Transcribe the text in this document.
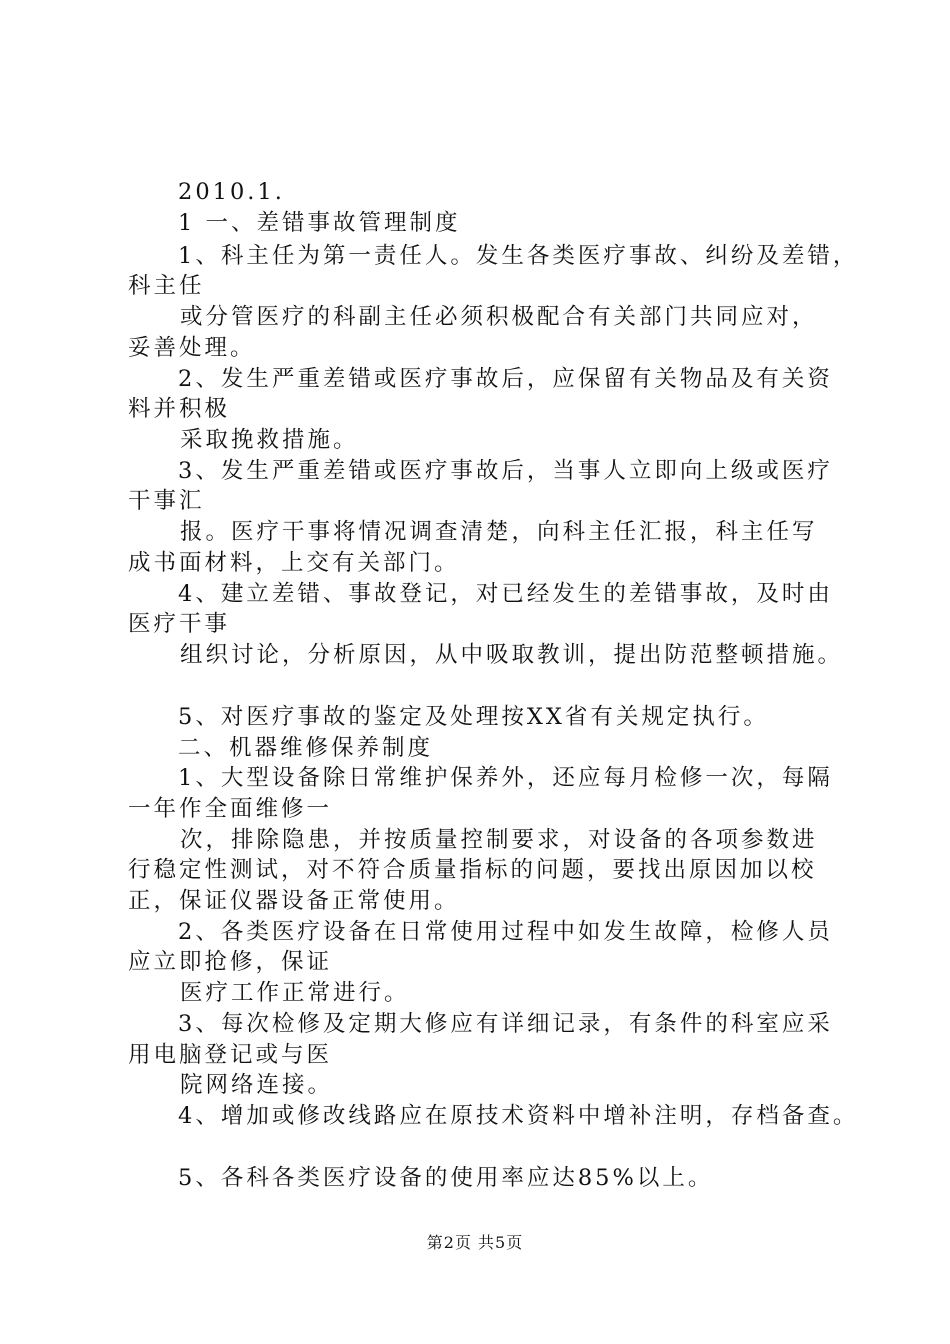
2010.1.
1 一、差错事故管理制度
1、科主任为第一责任人。发生各类医疗事故、纠纷及差错，
科主任
或分管医疗的科副主任必须积极配合有关部门共同应对，
妥善处理。
2、发生严重差错或医疗事故后，应保留有关物品及有关资
料并积极
采取挽救措施。
3、发生严重差错或医疗事故后，当事人立即向上级或医疗
干事汇
报。医疗干事将情况调查清楚，向科主任汇报，科主任写
成书面材料，上交有关部门。
4、建立差错、事故登记，对已经发生的差错事故，及时由
医疗干事
组织讨论，分析原因，从中吸取教训，提出防范整顿措施。
5、对医疗事故的鉴定及处理按XX省有关规定执行。
二、机器维修保养制度
1、大型设备除日常维护保养外，还应每月检修一次，每隔
一年作全面维修一
次，排除隐患，并按质量控制要求，对设备的各项参数进
行稳定性测试，对不符合质量指标的问题，要找出原因加以校
正，保证仪器设备正常使用。
2、各类医疗设备在日常使用过程中如发生故障，检修人员
应立即抢修，保证
医疗工作正常进行。
3、每次检修及定期大修应有详细记录，有条件的科室应采
用电脑登记或与医
院网络连接。
4、增加或修改线路应在原技术资料中增补注明，存档备查。
5、各科各类医疗设备的使用率应达85%以上。
第2页 共5页
